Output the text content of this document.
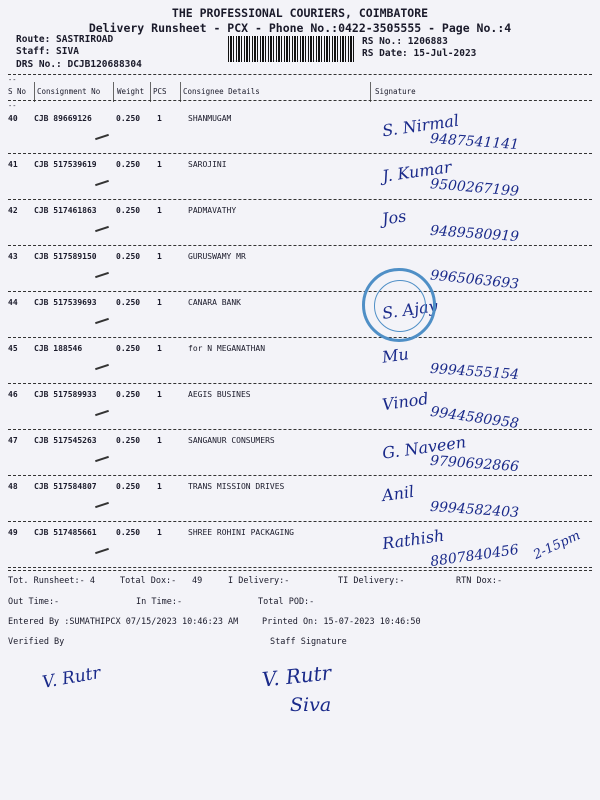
THE PROFESSIONAL COURIERS, COIMBATORE
Delivery Runsheet - PCX - Phone No.:0422-3505555 - Page No.:4
Route: SASTRIROAD
Staff: SIVA
DRS No.: DCJB120688304
RS No.: 1206883
RS Date: 15-Jul-2023
--
S No Consignment No Weight PCS Consignee Details	Signature
--
40 CJB 89669126	0.250 1	SHANMUGAM	S. Nirmal
9487541141
41 CJB 517539619 0.250 1	SAROJINI	J. Kumar
9500267199
42 CJB 517461863 0.250 1	PADMAVATHY	Jos
9489580919
43 CJB 517589150 0.250 1	GURUSWAMY MR
9965063693
44 CJB 517539693 0.250 1	CANARA BANK	S. Ajay
45 CJB 188546	0.250 1	for N MEGANATHAN	Mu
9994555154
46 CJB 517589933 0.250 1	AEGIS BUSINES	Vinod
9944580958
47 CJB 517545263 0.250 1	SANGANUR CONSUMERS	G. Naveen
9790692866
48 CJB 517584807 0.250 1	TRANS MISSION DRIVES	Anil
9994582403
49 CJB 517485661 0.250 1	SHREE ROHINI PACKAGING	Rathish
8807840456 2-15pm
Tot. Runsheet:- 4	Total Dox:- 49	I Delivery:-	TI Delivery:-	RTN Dox:-
Out Time:-	In Time:-	Total POD:-
Entered By :SUMATHIPCX 07/15/2023 10:46:23 AM	Printed On: 15-07-2023 10:46:50
Verified By	Staff Signature
V. Rutr	V. Rutr
Siva
